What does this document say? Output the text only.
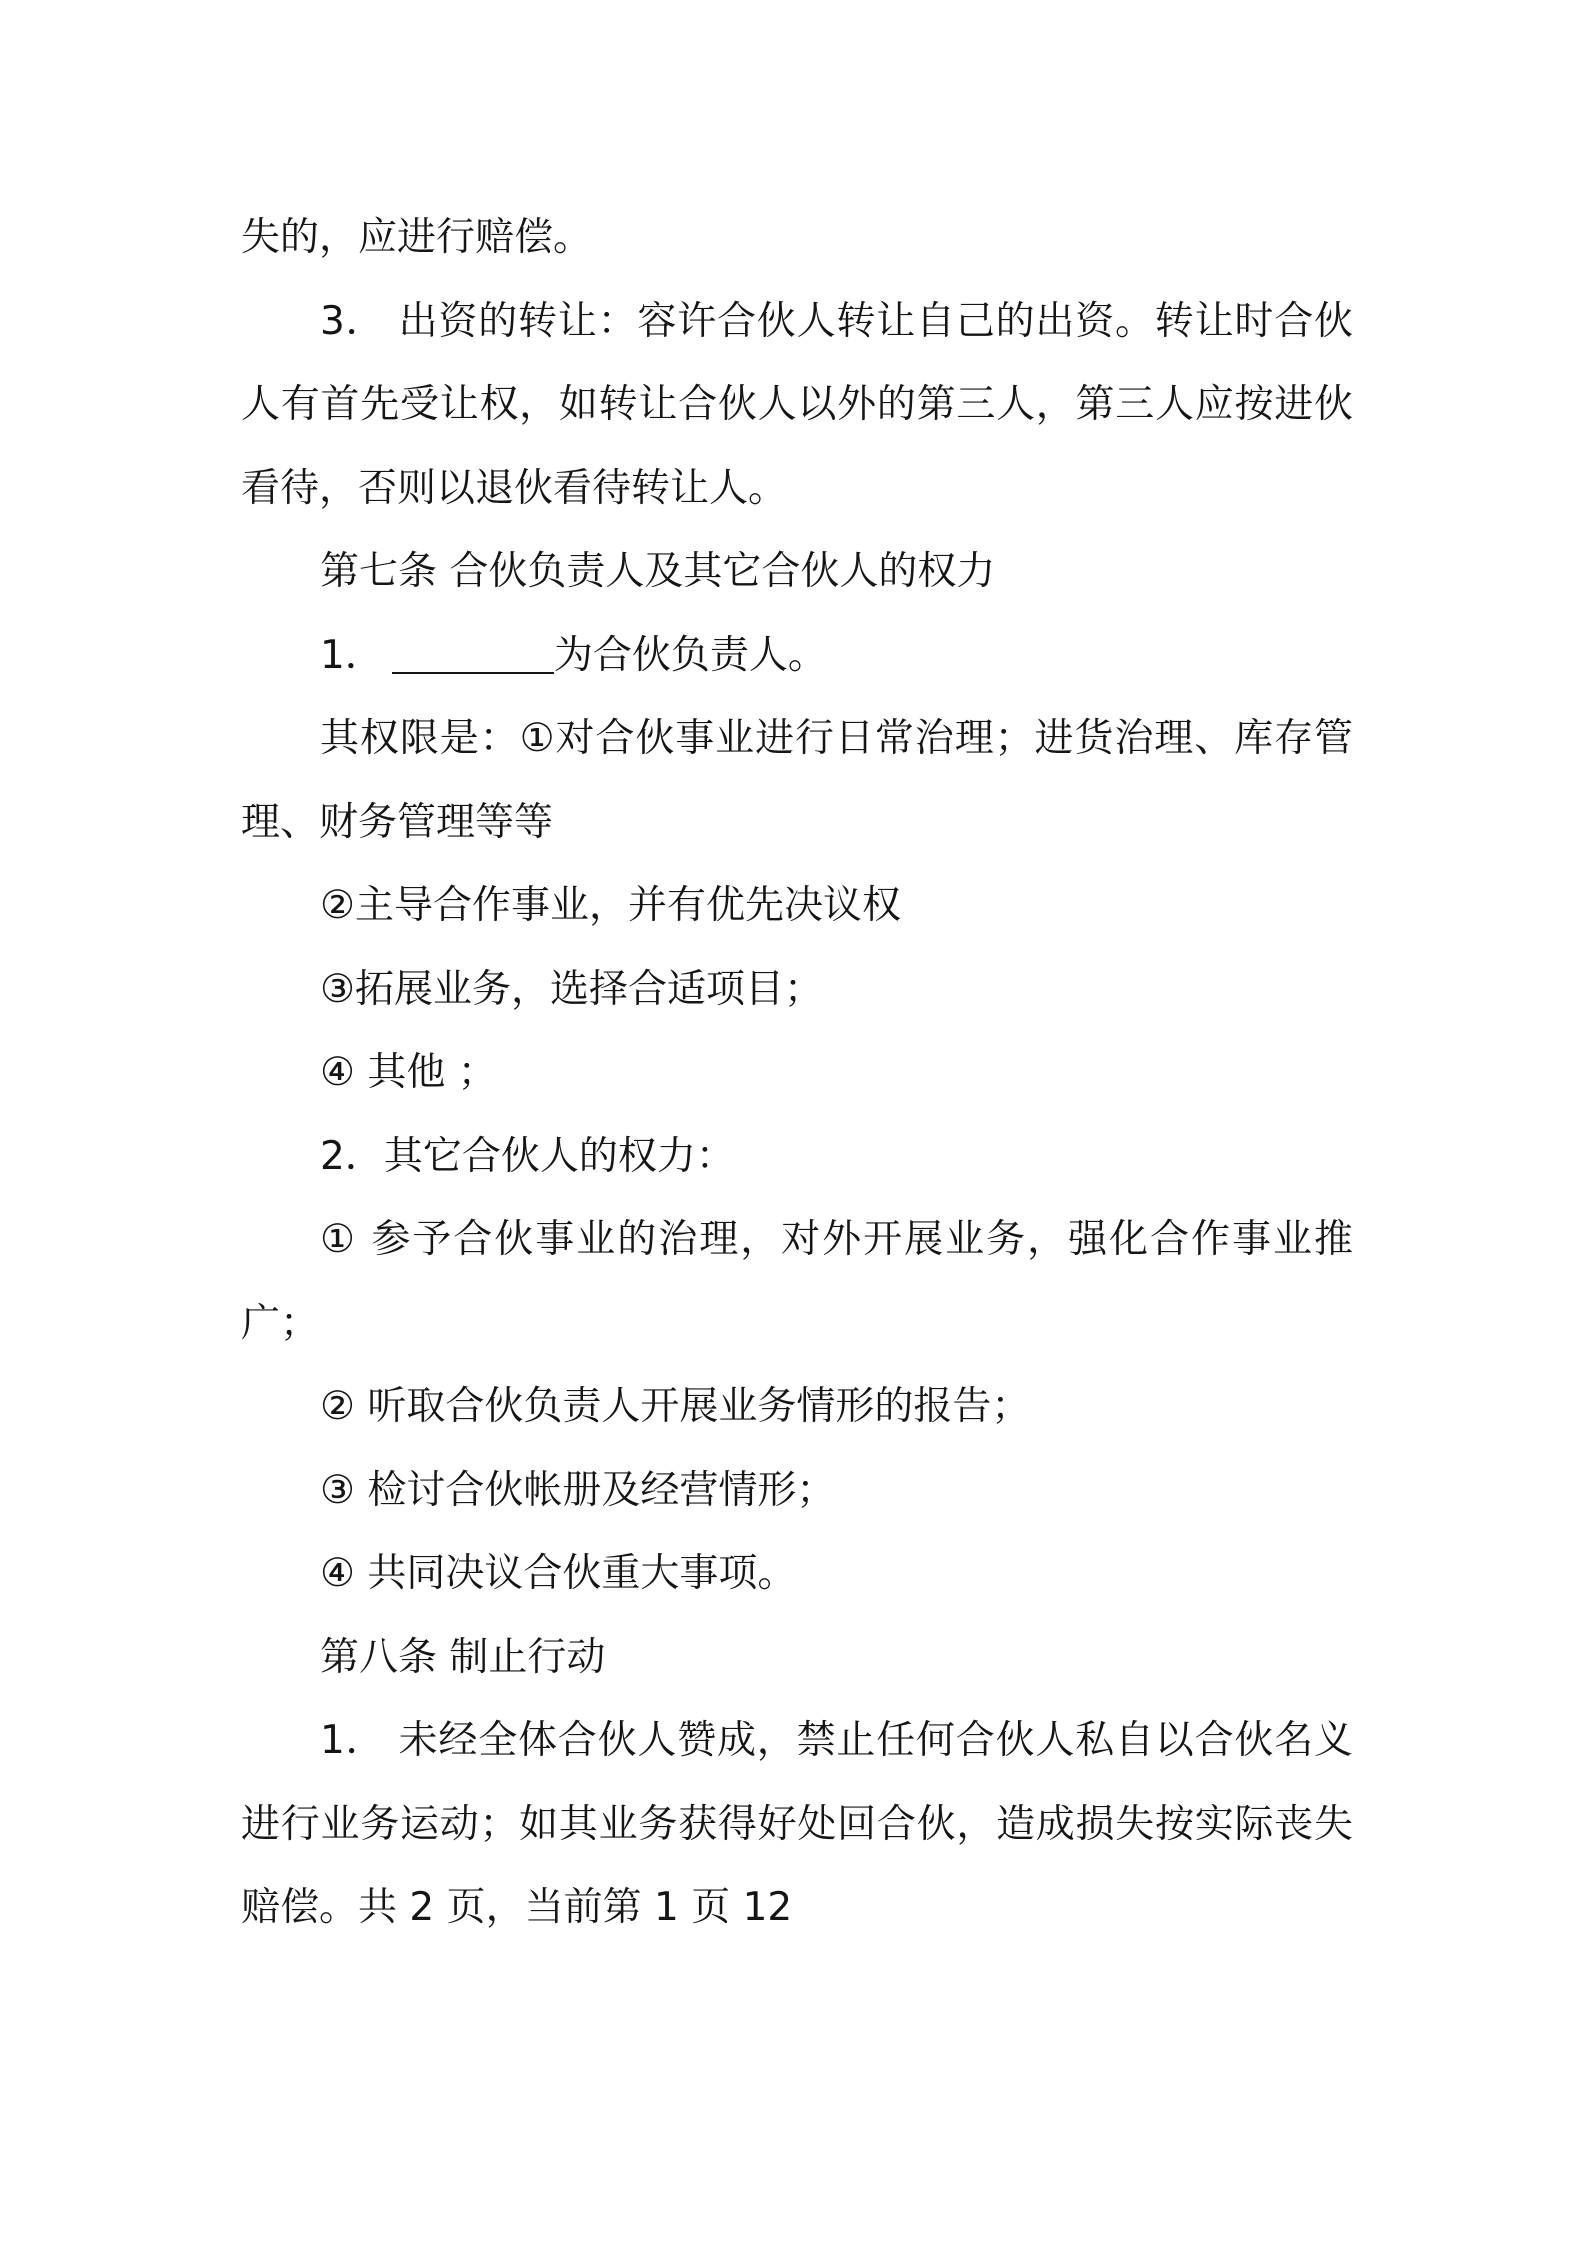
失的，应进行赔偿。
3． 出资的转让：容许合伙人转让自己的出资。转让时合伙
人有首先受让权，如转让合伙人以外的第三人，第三人应按进伙
看待，否则以退伙看待转让人。
第七条 合伙负责人及其它合伙人的权力
1．	为合伙负责人。
其权限是：①对合伙事业进行日常治理；进货治理、库存管
理、财务管理等等
②主导合作事业，并有优先决议权
③拓展业务，选择合适项目；
④ 其他 ；
2．其它合伙人的权力：
① 参予合伙事业的治理，对外开展业务，强化合作事业推
广；
② 听取合伙负责人开展业务情形的报告；
③ 检讨合伙帐册及经营情形；
④ 共同决议合伙重大事项。
第八条 制止行动
1． 未经全体合伙人赞成，禁止任何合伙人私自以合伙名义
进行业务运动；如其业务获得好处回合伙，造成损失按实际丧失
赔偿。共 2 页，当前第 1 页 12
